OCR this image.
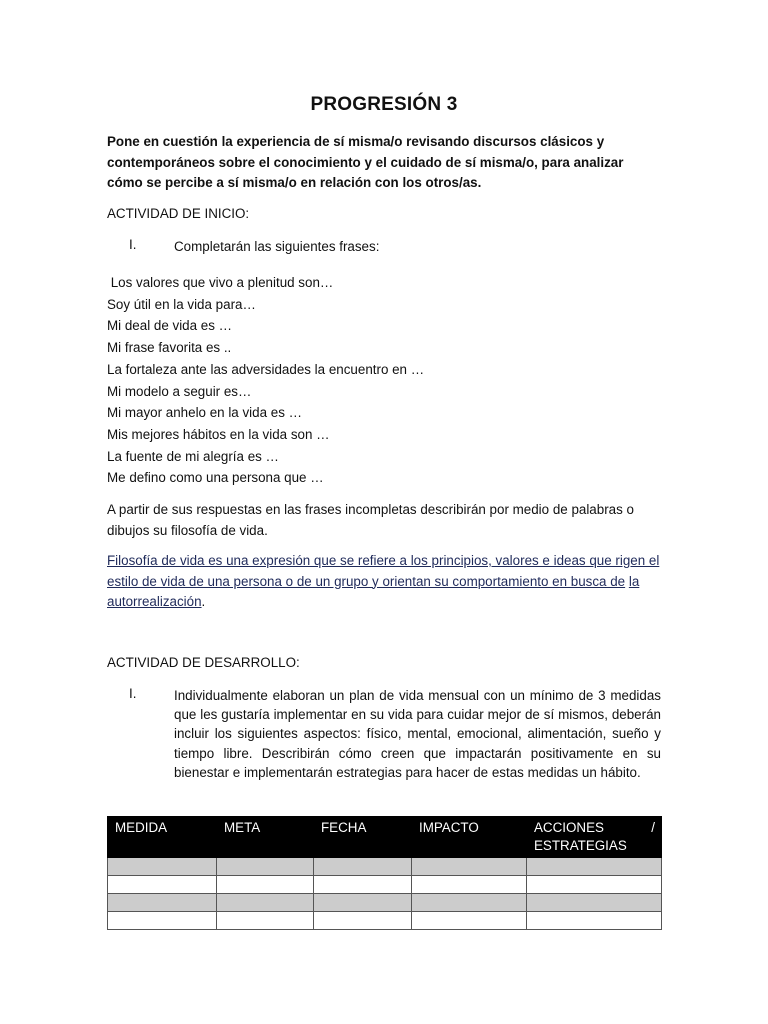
PROGRESIÓN 3
Pone en cuestión la experiencia de sí misma/o revisando discursos clásicos y contemporáneos sobre el conocimiento y el cuidado de sí misma/o, para analizar cómo se percibe a sí misma/o en relación con los otros/as.
ACTIVIDAD DE INICIO:
I.	Completarán las siguientes frases:
Los valores que vivo a plenitud son…
Soy útil en la vida para…
Mi deal de vida es …
Mi frase favorita es ..
La fortaleza ante las adversidades la encuentro en …
Mi modelo a seguir es…
Mi mayor anhelo en la vida es …
Mis mejores hábitos en la vida son …
La fuente de mi alegría es …
Me defino como una persona que …
A partir de sus respuestas en las frases incompletas describirán por medio de palabras o dibujos su filosofía de vida.
Filosofía de vida es una expresión que se refiere a los principios, valores e ideas que rigen el estilo de vida de una persona o de un grupo y orientan su comportamiento en busca de la autorrealización.
ACTIVIDAD DE DESARROLLO:
I.	Individualmente elaboran un plan de vida mensual con un mínimo de 3 medidas que les gustaría implementar en su vida para cuidar mejor de sí mismos, deberán incluir los siguientes aspectos: físico, mental, emocional, alimentación, sueño y tiempo libre. Describirán cómo creen que impactarán positivamente en su bienestar e implementarán estrategias para hacer de estas medidas un hábito.
MEDIDA	META	FECHA	IMPACTO	ACCIONES /
ESTRATEGIAS
